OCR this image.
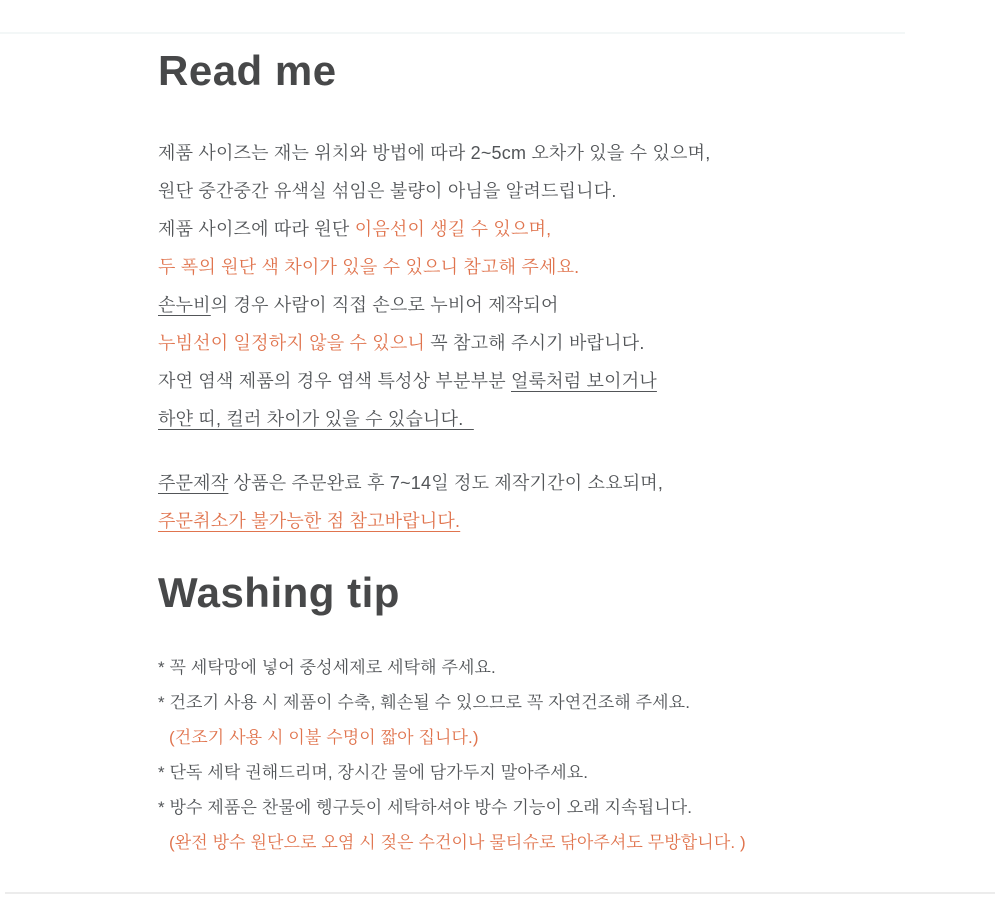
Read me
제품 사이즈는 재는 위치와 방법에 따라 2~5cm 오차가 있을 수 있으며,
원단 중간중간 유색실 섞임은 불량이 아님을 알려드립니다.
제품 사이즈에 따라 원단 이음선이 생길 수 있으며,
두 폭의 원단 색 차이가 있을 수 있으니 참고해 주세요.
손누비의 경우 사람이 직접 손으로 누비어 제작되어
누빔선이 일정하지 않을 수 있으니 꼭 참고해 주시기 바랍니다.
자연 염색 제품의 경우 염색 특성상 부분부분 얼룩처럼 보이거나
하얀 띠, 컬러 차이가 있을 수 있습니다.
주문제작 상품은 주문완료 후 7~14일 정도 제작기간이 소요되며,
주문취소가 불가능한 점 참고바랍니다.
Washing tip
* 꼭 세탁망에 넣어 중성세제로 세탁해 주세요.
* 건조기 사용 시 제품이 수축, 훼손될 수 있으므로 꼭 자연건조해 주세요.
(건조기 사용 시 이불 수명이 짧아 집니다.)
* 단독 세탁 권해드리며, 장시간 물에 담가두지 말아주세요.
* 방수 제품은 찬물에 헹구듯이 세탁하셔야 방수 기능이 오래 지속됩니다.
(완전 방수 원단으로 오염 시 젖은 수건이나 물티슈로 닦아주셔도 무방합니다. )
